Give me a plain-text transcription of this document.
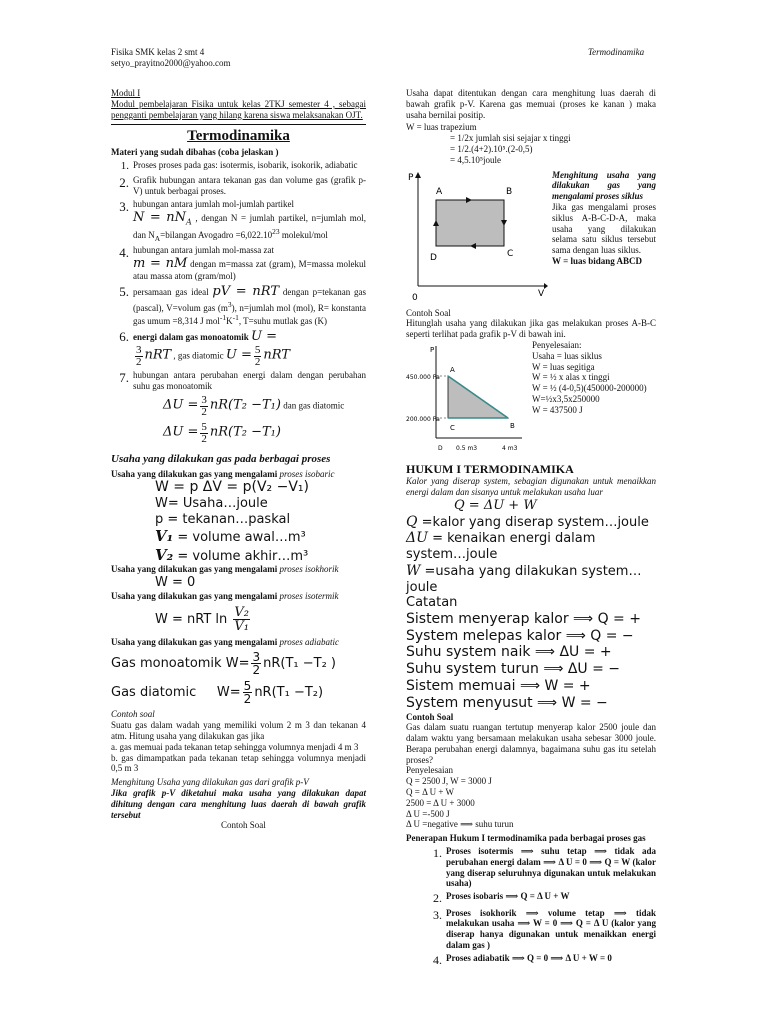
Fisika SMK kelas 2 smt 4
setyo_prayitno2000@yahoo.com
Termodinamika
Modul I
Modul pembelajaran Fisika untuk kelas 2TKJ semester 4 , sebagai pengganti pembelajaran yang hilang karena siswa melaksanakan OJT.
Termodinamika
Materi yang sudah dibahas (coba jelaskan )
1. Proses proses pada gas: isotermis, isobarik, isokorik, adiabatic
2. Grafik hubungan antara tekanan gas dan volume gas (grafik p-V) untuk berbagai proses.
3. hubungan antara jumlah mol-jumlah partikel
$N = nN_A$ , dengan N = jumlah partikel, n=jumlah mol, dan $N_A=bilangan$ Avogadro $=6,022.10^{23}$ molekul/mol
4. hubungan antara jumlah mol-massa zat
m = nM dengan m=massa zat (gram), M=massa molekul atau massa atom (gram/mol)
5. persamaan gas ideal pV = nRT dengan p=tekanan gas (pascal), V=volum gas $(m^3)$, n=jumlah mol (mol), R= konstanta gas umum =8,314 J $mol^{-1}K^{-1}$, T=suhu mutlak gas (K)
6. energi dalam gas monoatomik U =

$\frac{3}{2}$ nRT , gas diatomic $U = \frac{5}{2}$ nRT
7. hubungan antara perubahan energi dalam dengan perubahan suhu gas monoatomik
$\Delta U = \frac{3}{2} nR(T_2 -T_1)$ dan gas diatomic
$\Delta U = \frac{5}{2} nR(T_2 -T_1)$
Usaha yang dilakukan gas pada berbagai proses
Usaha yang dilakukan gas yang mengalami proses isobaric
W = p ΔV = p(V₂ −V₁)
W= Usaha…joule
p = tekanan…paskal
V₁ = volume awal…m³
V₂ = volume akhir…m³
Usaha yang dilakukan gas yang mengalami proses isokhorik
W = 0
Usaha yang dilakukan gas yang mengalami proses isotermik
W = nRT $\ln \frac{\text{V₂}}{\text{V₁}}$
Usaha yang dilakukan gas yang mengalami proses adiabatic
Gas monoatomik $W= \frac{3}{2} nR(T_1 -T_2$ )
Gas diatomic     $W= \frac{5}{2} nR(T_1 -T_2)$
Contoh soal
Suatu gas dalam wadah yang memiliki volum 2 m 3 dan tekanan 4 atm. Hitung usaha yang dilakukan gas jika
a. gas memuai pada tekanan tetap sehingga volumnya menjadi 4 m 3
b. gas dimampatkan pada tekanan tetap sehingga volumnya menjadi 0,5 m 3
Menghitung Usaha yang dilakukan gas dari grafik p-V
Jika grafik p-V diketahui maka usaha yang dilakukan dapat dihitung dengan cara menghitung luas daerah di bawah grafik tersebut
Contoh Soal
Usaha dapat ditentukan dengan cara menghitung luas daerah di bawah grafik p-V. Karena gas memuai (proses ke kanan ) maka usaha bernilai positip.
W = luas trapezium
= 1/2x jumlah sisi sejajar x tinggi
= 1/2.(4+2).10⁵.(2-0,5)
= 4,5.10⁵joule
P
V
0
A	B
C
D
Menghitung usaha yang dilakukan gas yang mengalami proses siklus
Jika gas mengalami proses siklus A-B-C-D-A, maka usaha yang dilakukan selama satu siklus tersebut sama dengan luas siklus.
W = luas bidang ABCD
Contoh Soal
Hitunglah usaha yang dilakukan jika gas melakukan proses A-B-C seperti terlihat pada grafik p-V di bawah ini.
P
450.000 Pa
200.000 Pa
A
B
C
D 0.5 m3	4 m3
Penyelesaian:
Usaha = luas siklus
W = luas segitiga
W = ½ x alas x tinggi
W = ½ (4-0,5)(450000-200000)
W=½x3,5x250000
W = 437500 J
HUKUM I TERMODINAMIKA
Kalor yang diserap system, sebagian digunakan untuk menaikkan energi dalam dan sisanya untuk melakukan usaha luar
Q = ΔU + W
Q =kalor yang diserap system…joule
ΔU = kenaikan energi dalam system…joule
W =usaha yang dilakukan system…joule
Catatan
Sistem menyerap kalor ⟹ Q = +
System melepas kalor ⟹ Q = −
Suhu system naik ⟹ ΔU = +
Suhu system turun ⟹ ΔU = −
Sistem memuai ⟹ W = +
System menyusut ⟹ W = −
Contoh Soal
Gas dalam suatu ruangan tertutup menyerap kalor 2500 joule dan dalam waktu yang bersamaan melakukan usaha sebesar 3000 joule. Berapa perubahan energi dalamnya, bagaimana suhu gas itu setelah proses?
Penyelesaian
Q = 2500 J, W = 3000 J
Q = Δ U + W
2500 = Δ U + 3000
Δ U =-500 J
Δ U =negative ⟹ suhu turun
Penerapan Hukum I termodinamika pada berbagai proses gas
1. Proses isotermis ⟹ suhu tetap ⟹ tidak ada perubahan energi dalam ⟹ Δ U = 0 ⟹ Q = W (kalor yang diserap seluruhnya digunakan untuk melakukan usaha)
2. Proses isobaris ⟹ Q = Δ U + W
3. Proses isokhorik ⟹ volume tetap ⟹ tidak melakukan usaha ⟹ W = 0 ⟹ Q = Δ U (kalor yang diserap hanya digunakan untuk menaikkan energi dalam gas )
4. Proses adiabatik ⟹ Q = 0 ⟹ Δ U + W = 0
